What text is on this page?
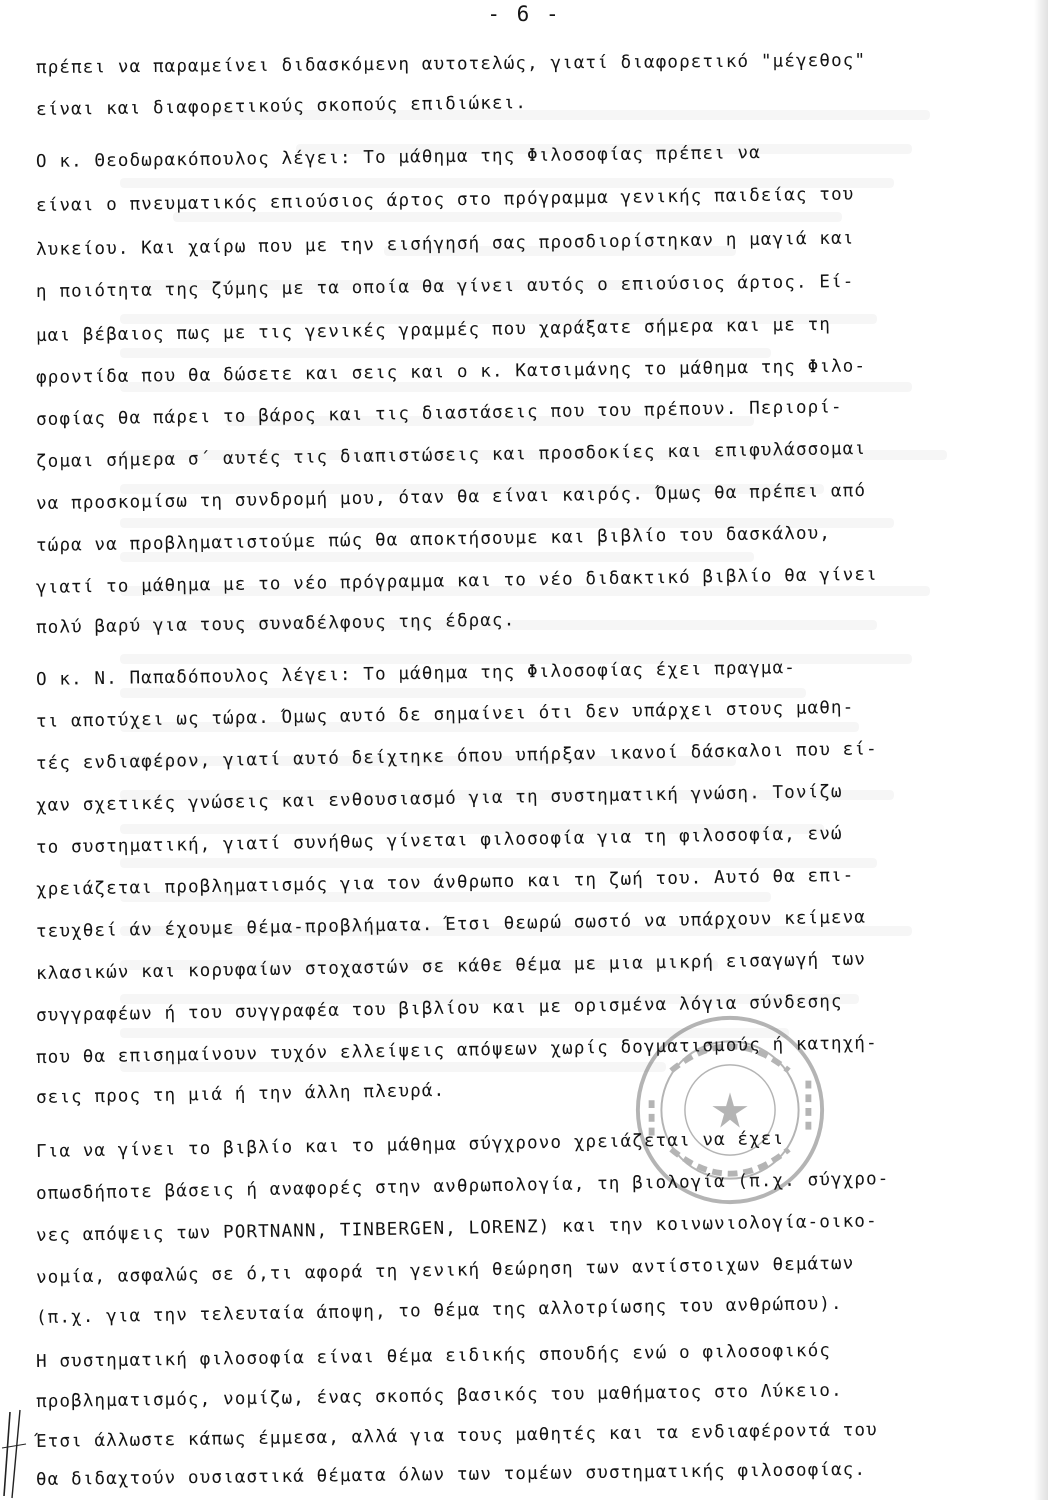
- 6 -
πρέπει να παραμείνει διδασκόμενη αυτοτελώς, γιατί διαφορετικό "μέγεθος"
είναι και διαφορετικούς σκοπούς επιδιώκει.
Ο κ. Θεοδωρακόπουλος λέγει: Το μάθημα της Φιλοσοφίας πρέπει να
είναι ο πνευματικός επιούσιος άρτος στο πρόγραμμα γενικής παιδείας του
λυκείου. Και χαίρω που με την εισήγησή σας προσδιορίστηκαν η μαγιά και
η ποιότητα της ζύμης με τα οποία θα γίνει αυτός ο επιούσιος άρτος. Εί-
μαι βέβαιος πως με τις γενικές γραμμές που χαράξατε σήμερα και με τη
φροντίδα που θα δώσετε και σεις και ο κ. Κατσιμάνης το μάθημα της Φιλο-
σοφίας θα πάρει το βάρος και τις διαστάσεις που του πρέπουν. Περιορί-
ζομαι σήμερα σ΄ αυτές τις διαπιστώσεις και προσδοκίες και επιφυλάσσομαι
να προσκομίσω τη συνδρομή μου, όταν θα είναι καιρός. Όμως θα πρέπει από
τώρα να προβληματιστούμε πώς θα αποκτήσουμε και βιβλίο του δασκάλου,
γιατί το μάθημα με το νέο πρόγραμμα και το νέο διδακτικό βιβλίο θα γίνει
πολύ βαρύ για τους συναδέλφους της έδρας.
Ο κ. Ν. Παπαδόπουλος λέγει: Το μάθημα της Φιλοσοφίας έχει πραγμα-
τι αποτύχει ως τώρα. Όμως αυτό δε σημαίνει ότι δεν υπάρχει στους μαθη-
τές ενδιαφέρον, γιατί αυτό δείχτηκε όπου υπήρξαν ικανοί δάσκαλοι που εί-
χαν σχετικές γνώσεις και ενθουσιασμό για τη συστηματική γνώση. Τονίζω
το συστηματική, γιατί συνήθως γίνεται φιλοσοφία για τη φιλοσοφία, ενώ
χρειάζεται προβληματισμός για τον άνθρωπο και τη ζωή του. Αυτό θα επι-
τευχθεί άν έχουμε θέμα-προβλήματα. Έτσι θεωρώ σωστό να υπάρχουν κείμενα
κλασικών και κορυφαίων στοχαστών σε κάθε θέμα με μια μικρή εισαγωγή των
συγγραφέων ή του συγγραφέα του βιβλίου και με ορισμένα λόγια σύνδεσης
που θα επισημαίνουν τυχόν ελλείψεις απόψεων χωρίς δογματισμούς ή κατηχή-
σεις προς τη μιά ή την άλλη πλευρά.
Για να γίνει το βιβλίο και το μάθημα σύγχρονο χρειάζεται να έχει
οπωσδήποτε βάσεις ή αναφορές στην ανθρωπολογία, τη βιολογία (π.χ. σύγχρο-
νες απόψεις των PORTNANN, TINBERGEN, LORENZ) και την κοινωνιολογία-οικο-
νομία, ασφαλώς σε ό,τι αφορά τη γενική θεώρηση των αντίστοιχων θεμάτων
(π.χ. για την τελευταία άποψη, το θέμα της αλλοτρίωσης του ανθρώπου).
Η συστηματική φιλοσοφία είναι θέμα ειδικής σπουδής ενώ ο φιλοσοφικός
προβληματισμός, νομίζω, ένας σκοπός βασικός του μαθήματος στο Λύκειο.
Έτσι άλλωστε κάπως έμμεσα, αλλά για τους μαθητές και τα ενδιαφέροντά του
θα διδαχτούν ουσιαστικά θέματα όλων των τομέων συστηματικής φιλοσοφίας.
